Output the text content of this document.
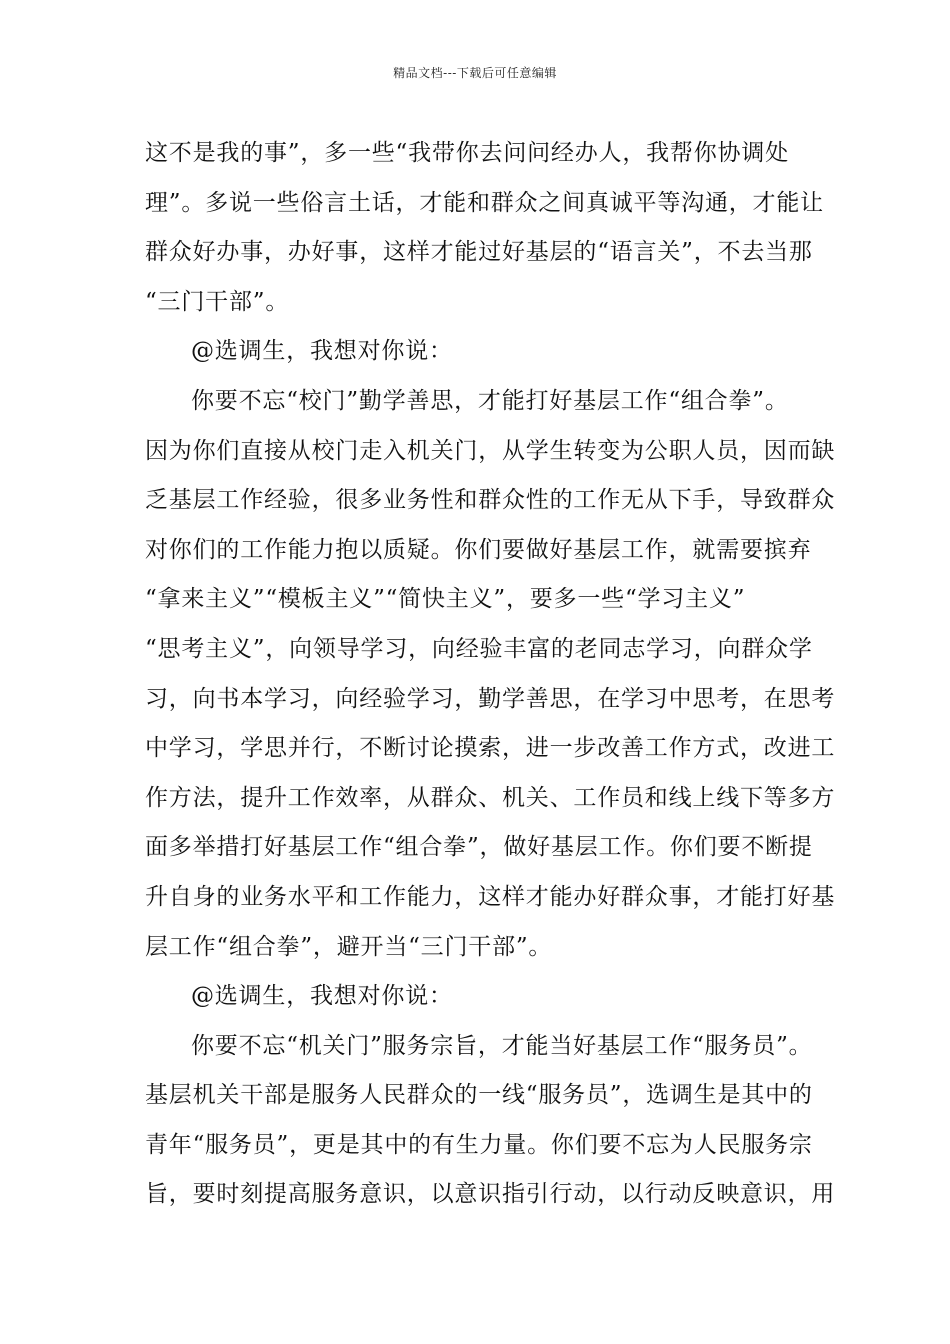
精品文档---下载后可任意编辑
这不是我的事”，多一些“我带你去问问经办人，我帮你协调处
理”。多说一些俗言土话，才能和群众之间真诚平等沟通，才能让
群众好办事，办好事，这样才能过好基层的“语言关”，不去当那
“三门干部”。
@选调生，我想对你说：
你要不忘“校门”勤学善思，才能打好基层工作“组合拳”。
因为你们直接从校门走入机关门，从学生转变为公职人员，因而缺
乏基层工作经验，很多业务性和群众性的工作无从下手，导致群众
对你们的工作能力抱以质疑。你们要做好基层工作，就需要摈弃
“拿来主义”“模板主义”“简快主义”，要多一些“学习主义”
“思考主义”，向领导学习，向经验丰富的老同志学习，向群众学
习，向书本学习，向经验学习，勤学善思，在学习中思考，在思考
中学习，学思并行，不断讨论摸索，进一步改善工作方式，改进工
作方法，提升工作效率，从群众、机关、工作员和线上线下等多方
面多举措打好基层工作“组合拳”，做好基层工作。你们要不断提
升自身的业务水平和工作能力，这样才能办好群众事，才能打好基
层工作“组合拳”，避开当“三门干部”。
@选调生，我想对你说：
你要不忘“机关门”服务宗旨，才能当好基层工作“服务员”。
基层机关干部是服务人民群众的一线“服务员”，选调生是其中的
青年“服务员”，更是其中的有生力量。你们要不忘为人民服务宗
旨，要时刻提高服务意识，以意识指引行动，以行动反映意识，用
